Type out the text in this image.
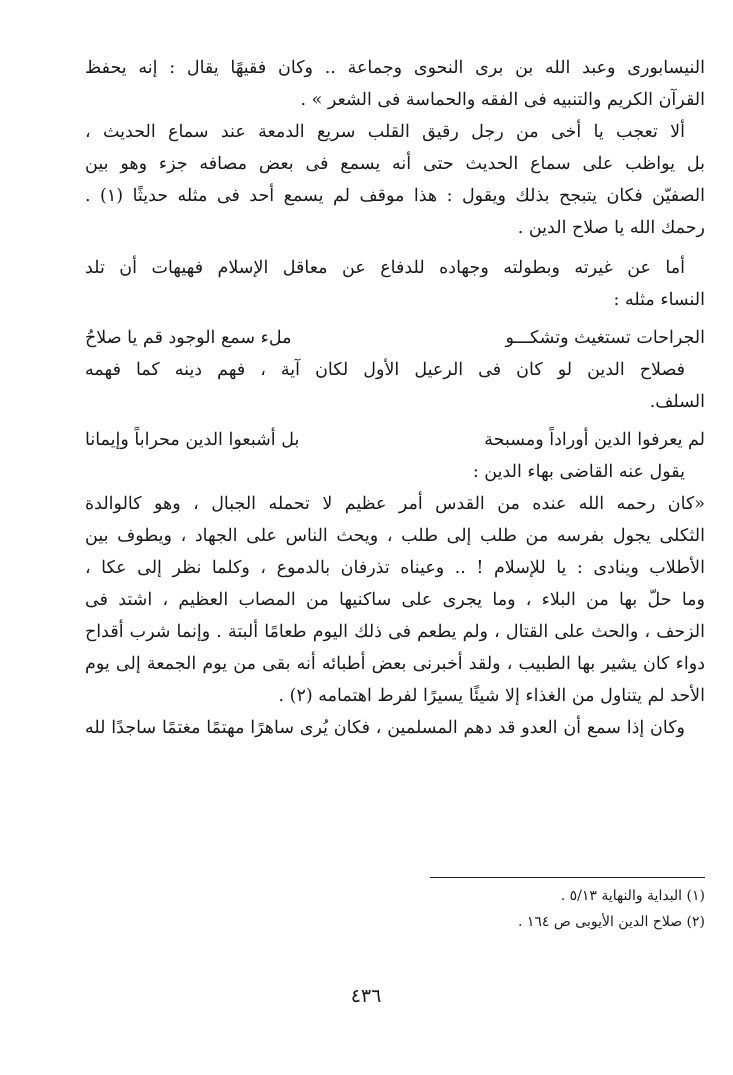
النيسابورى وعبد الله بن برى النحوى وجماعة .. وكان فقيهًا يقال : إنه يحفظ
القرآن الكريم والتنبيه فى الفقه والحماسة فى الشعر » .
ألا تعجب يا أخى من رجل رقيق القلب سريع الدمعة عند سماع الحديث ،
بل يواظب على سماع الحديث حتى أنه يسمع فى بعض مصافه جزء وهو بين
الصفيّن فكان يتبجح بذلك ويقول : هذا موقف لم يسمع أحد فى مثله حديثًا (١) .
رحمك الله يا صلاح الدين .
أما عن غيرته وبطولته وجهاده للدفاع عن معاقل الإسلام فهيهات أن تلد
النساء مثله :
الجراحات تستغيث وتشكـــو
ملء سمع الوجود قم يا صلاحُ
فصلاح الدين لو كان فى الرعيل الأول لكان آية ، فهم دينه كما فهمه
السلف.
لم يعرفوا الدين أوراداً ومسبحة
بل أشبعوا الدين محراباً وإيمانا
يقول عنه القاضى بهاء الدين :
«كان رحمه الله عنده من القدس أمر عظيم لا تحمله الجبال ، وهو كالوالدة
الثكلى يجول بفرسه من طلب إلى طلب ، ويحث الناس على الجهاد ، ويطوف بين
الأطلاب وينادى : يا للإسلام ! .. وعيناه تذرفان بالدموع ، وكلما نظر إلى عكا ،
وما حلّ بها من البلاء ، وما يجرى على ساكنيها من المصاب العظيم ، اشتد فى
الزحف ، والحث على القتال ، ولم يطعم فى ذلك اليوم طعامًا ألبتة . وإنما شرب أقداح
دواء كان يشير بها الطبيب ، ولقد أخبرنى بعض أطبائه أنه بقى من يوم الجمعة إلى يوم
الأحد لم يتناول من الغذاء إلا شيئًا يسيرًا لفرط اهتمامه (٢) .
وكان إذا سمع أن العدو قد دهم المسلمين ، فكان يُرى ساهرًا مهتمًا مغتمًا ساجدًا لله
(١) البداية والنهاية ٥/١٣ .
(٢) صلاح الدين الأيوبى ص ١٦٤ .
٤٣٦
